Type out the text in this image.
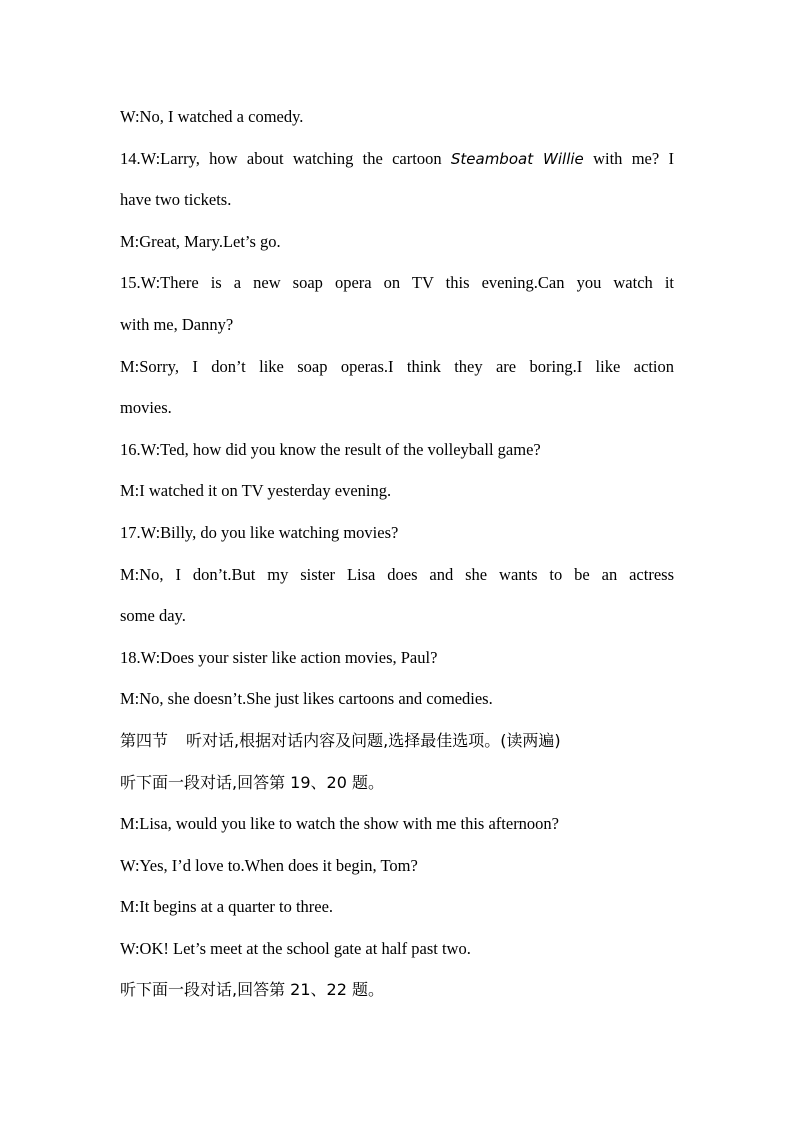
W:No, I watched a comedy.
14.W:Larry, how about watching the cartoon Steamboat Willie with me? I
have two tickets.
M:Great, Mary.Let’s go.
15.W:There is a new soap opera on TV this evening.Can you watch it
with me, Danny?
M:Sorry, I don’t like soap operas.I think they are boring.I like action
movies.
16.W:Ted, how did you know the result of the volleyball game?
M:I watched it on TV yesterday evening.
17.W:Billy, do you like watching movies?
M:No, I don’t.But my sister Lisa does and she wants to be an actress
some day.
18.W:Does your sister like action movies, Paul?
M:No, she doesn’t.She just likes cartoons and comedies.
第四节 听对话,根据对话内容及问题,选择最佳选项。(读两遍)
听下面一段对话,回答第 19、20 题。
M:Lisa, would you like to watch the show with me this afternoon?
W:Yes, I’d love to.When does it begin, Tom?
M:It begins at a quarter to three.
W:OK! Let’s meet at the school gate at half past two.
听下面一段对话,回答第 21、22 题。
